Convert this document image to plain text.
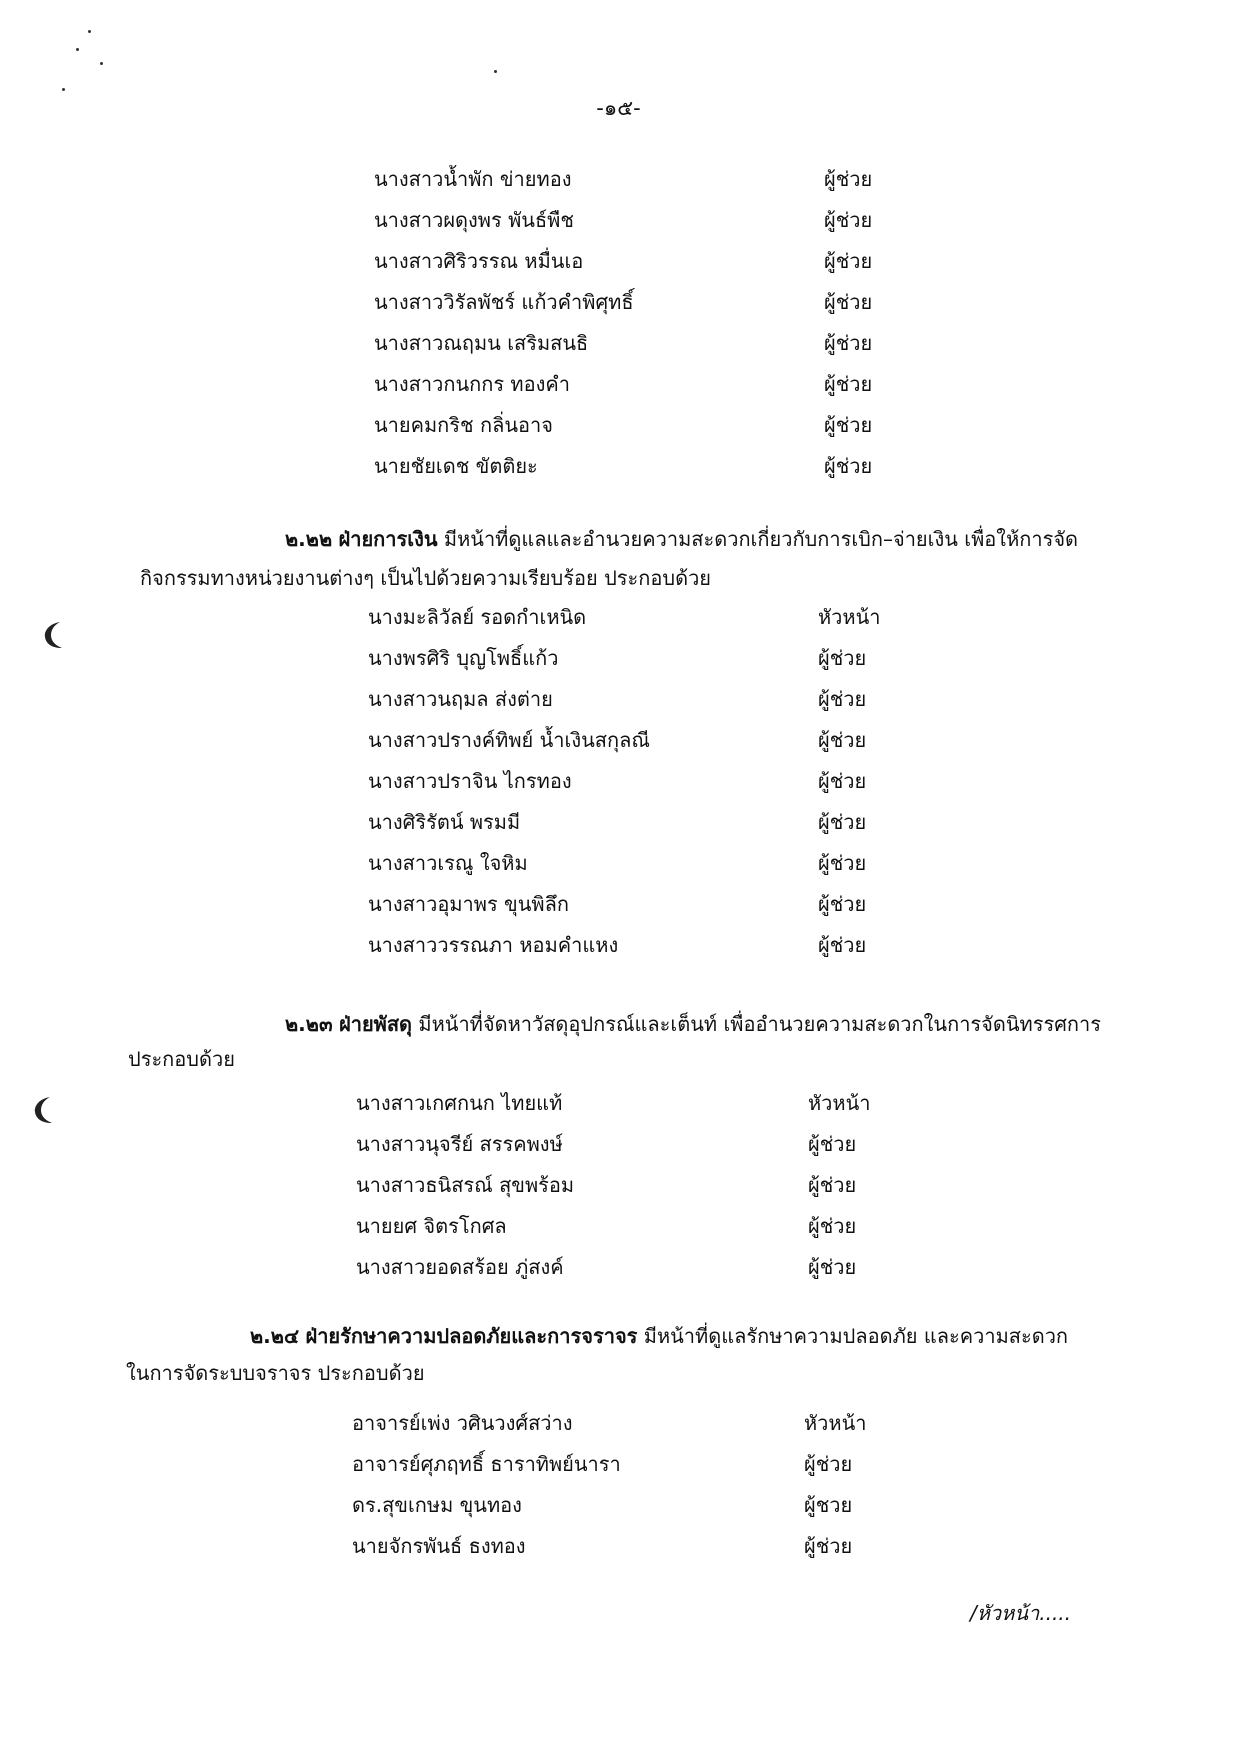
-๑๕-
นางสาวน้ำพัก ข่ายทอง	ผู้ช่วย
นางสาวผดุงพร พันธ์พืช	ผู้ช่วย
นางสาวศิริวรรณ หมื่นเอ	ผู้ช่วย
นางสาววิรัลพัชร์ แก้วคำพิศุทธิ์	ผู้ช่วย
นางสาวณฤมน เสริมสนธิ	ผู้ช่วย
นางสาวกนกกร ทองคำ	ผู้ช่วย
นายคมกริช กลิ่นอาจ	ผู้ช่วย
นายชัยเดช ขัตติยะ	ผู้ช่วย
๒.๒๒ ฝ่ายการเงิน มีหน้าที่ดูแลและอำนวยความสะดวกเกี่ยวกับการเบิก–จ่ายเงิน เพื่อให้การจัด
กิจกรรมทางหน่วยงานต่างๆ เป็นไปด้วยความเรียบร้อย ประกอบด้วย
นางมะลิวัลย์ รอดกำเหนิด	หัวหน้า
นางพรศิริ บุญโพธิ์แก้ว	ผู้ช่วย
นางสาวนฤมล ส่งต่าย	ผู้ช่วย
นางสาวปรางค์ทิพย์ น้ำเงินสกุลณี	ผู้ช่วย
นางสาวปราจิน ไกรทอง	ผู้ช่วย
นางศิริรัตน์ พรมมี	ผู้ช่วย
นางสาวเรณู ใจหิม	ผู้ช่วย
นางสาวอุมาพร ขุนพิลึก	ผู้ช่วย
นางสาววรรณภา หอมคำแหง	ผู้ช่วย
๒.๒๓ ฝ่ายพัสดุ มีหน้าที่จัดหาวัสดุอุปกรณ์และเต็นท์ เพื่ออำนวยความสะดวกในการจัดนิทรรศการ
ประกอบด้วย
นางสาวเกศกนก ไทยแท้	หัวหน้า
นางสาวนุจรีย์ สรรคพงษ์	ผู้ช่วย
นางสาวธนิสรณ์ สุขพร้อม	ผู้ช่วย
นายยศ จิตรโกศล	ผู้ช่วย
นางสาวยอดสร้อย ภู่สงค์	ผู้ช่วย
๒.๒๔ ฝ่ายรักษาความปลอดภัยและการจราจร มีหน้าที่ดูแลรักษาความปลอดภัย และความสะดวก
ในการจัดระบบจราจร ประกอบด้วย
อาจารย์เพ่ง วศินวงศ์สว่าง	หัวหน้า
อาจารย์ศุภฤทธิ์ ธาราทิพย์นารา	ผู้ช่วย
ดร.สุขเกษม ขุนทอง	ผู้ชวย
นายจักรพันธ์ ธงทอง	ผู้ช่วย
/หัวหน้า.....
